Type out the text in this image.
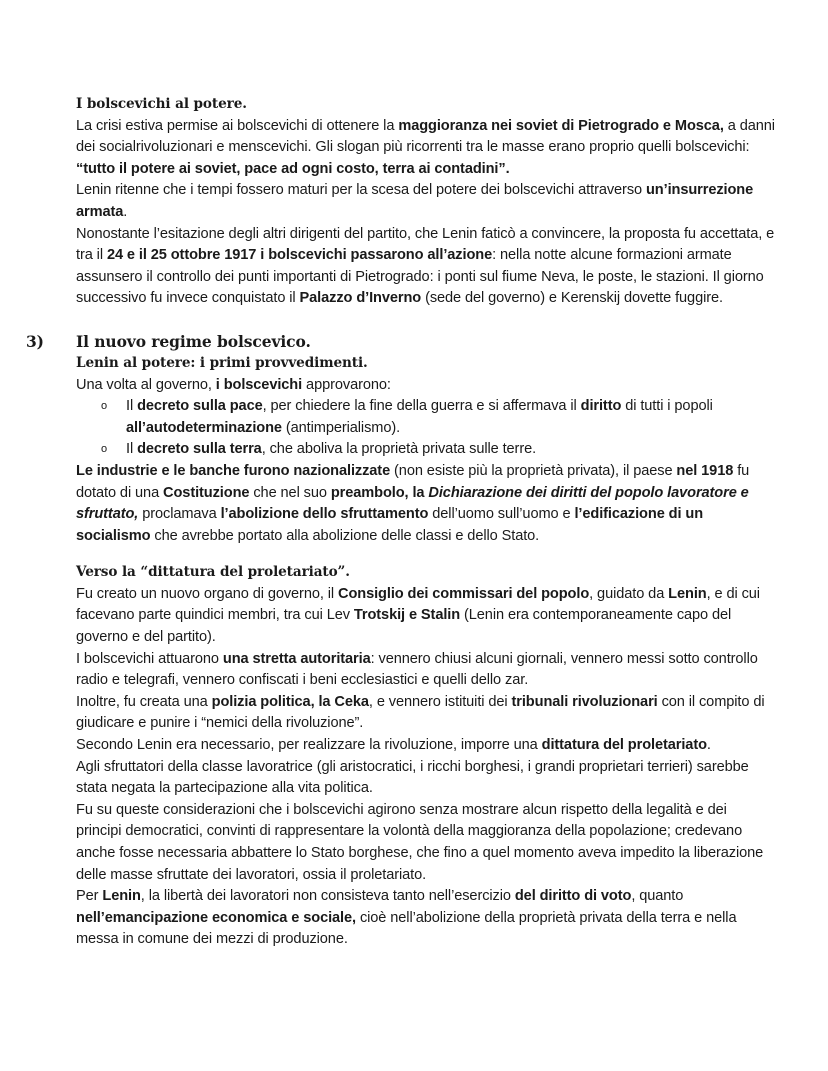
I bolscevichi al potere.

La crisi estiva permise ai bolscevichi di ottenere la maggioranza nei soviet di Pietrogrado e Mosca, a danni dei socialrivoluzionari e menscevichi. Gli slogan più ricorrenti tra le masse erano proprio quelli bolscevichi: “tutto il potere ai soviet, pace ad ogni costo, terra ai contadini”.

Lenin ritenne che i tempi fossero maturi per la scesa del potere dei bolscevichi attraverso un’insurrezione armata.

Nonostante l’esitazione degli altri dirigenti del partito, che Lenin faticò a convincere, la proposta fu accettata, e tra il 24 e il 25 ottobre 1917 i bolscevichi passarono all’azione: nella notte alcune formazioni armate assunsero il controllo dei punti importanti di Pietrogrado: i ponti sul fiume Neva, le poste, le stazioni. Il giorno successivo fu invece conquistato il Palazzo d’Inverno (sede del governo) e Kerenskij dovette fuggire.

3) Il nuovo regime bolscevico.

Lenin al potere: i primi provvedimenti.

Una volta al governo, i bolscevichi approvarono:

o Il decreto sulla pace, per chiedere la fine della guerra e si affermava il diritto di tutti i popoli
all’autodeterminazione (antimperialismo).
o Il decreto sulla terra, che aboliva la proprietà privata sulle terre.

Le industrie e le banche furono nazionalizzate (non esiste più la proprietà privata), il paese nel 1918 fu dotato di una Costituzione che nel suo preambolo, la Dichiarazione dei diritti del popolo lavoratore e sfruttato, proclamava l’abolizione dello sfruttamento dell’uomo sull’uomo e l’edificazione di un socialismo che avrebbe portato alla abolizione delle classi e dello Stato.

Verso la “dittatura del proletariato”.

Fu creato un nuovo organo di governo, il Consiglio dei commissari del popolo, guidato da Lenin, e di cui facevano parte quindici membri, tra cui Lev Trotskij e Stalin (Lenin era contemporaneamente capo del governo e del partito).

I bolscevichi attuarono una stretta autoritaria: vennero chiusi alcuni giornali, vennero messi sotto controllo radio e telegrafi, vennero confiscati i beni ecclesiastici e quelli dello zar.

Inoltre, fu creata una polizia politica, la Ceka, e vennero istituiti dei tribunali rivoluzionari con il compito di giudicare e punire i “nemici della rivoluzione”.

Secondo Lenin era necessario, per realizzare la rivoluzione, imporre una dittatura del proletariato.

Agli sfruttatori della classe lavoratrice (gli aristocratici, i ricchi borghesi, i grandi proprietari terrieri) sarebbe stata negata la partecipazione alla vita politica.

Fu su queste considerazioni che i bolscevichi agirono senza mostrare alcun rispetto della legalità e dei principi democratici, convinti di rappresentare la volontà della maggioranza della popolazione; credevano anche fosse necessaria abbattere lo Stato borghese, che fino a quel momento aveva impedito la liberazione delle masse sfruttate dei lavoratori, ossia il proletariato.

Per Lenin, la libertà dei lavoratori non consisteva tanto nell’esercizio del diritto di voto, quanto nell’emancipazione economica e sociale, cioè nell’abolizione della proprietà privata della terra e nella messa in comune dei mezzi di produzione.
